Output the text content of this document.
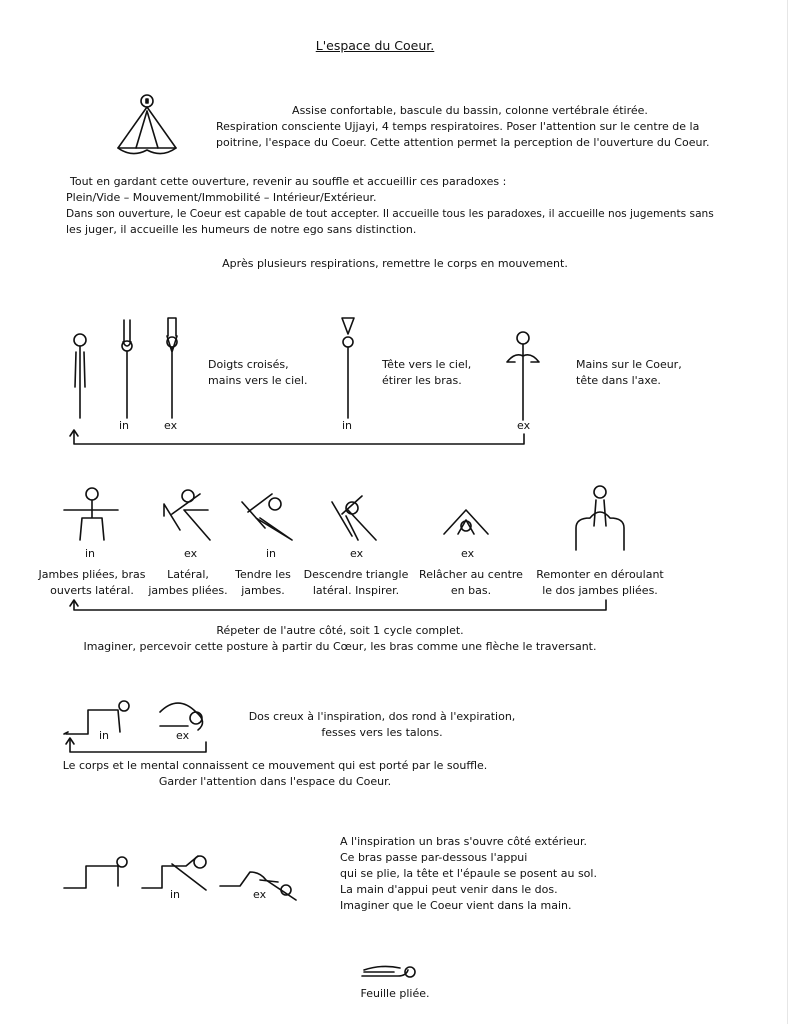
L'espace du Coeur.
Assise confortable, bascule du bassin, colonne vertébrale étirée.
Respiration consciente Ujjayi, 4 temps respiratoires. Poser l'attention sur le centre de la
poitrine, l'espace du Coeur. Cette attention permet la perception de l'ouverture du Coeur.
Tout en gardant cette ouverture, revenir au souffle et accueillir ces paradoxes :
Plein/Vide – Mouvement/Immobilité – Intérieur/Extérieur.
Dans son ouverture, le Coeur est capable de tout accepter. Il accueille tous les paradoxes, il accueille nos jugements sans
les juger, il accueille les humeurs de notre ego sans distinction.
Après plusieurs respirations, remettre le corps en mouvement.
in	ex	in	ex
Doigts croisés,
mains vers le ciel.
Tête vers le ciel,
étirer les bras.
Mains sur le Coeur,
tête dans l'axe.
in	ex	in	ex	ex
Jambes pliées, bras
ouverts latéral.
Latéral,
jambes pliées.
Tendre les
jambes.
Descendre triangle
latéral. Inspirer.
Relâcher au centre
en bas.
Remonter en déroulant
le dos jambes pliées.
Répeter de l'autre côté, soit 1 cycle complet.
Imaginer, percevoir cette posture à partir du Cœur, les bras comme une flèche le traversant.
in	ex
Dos creux à l'inspiration, dos rond à l'expiration,
fesses vers les talons.
Le corps et le mental connaissent ce mouvement qui est porté par le souffle.
Garder l'attention dans l'espace du Coeur.
in	ex
A l'inspiration un bras s'ouvre côté extérieur.
Ce bras passe par-dessous l'appui
qui se plie, la tête et l'épaule se posent au sol.
La main d'appui peut venir dans le dos.
Imaginer que le Coeur vient dans la main.
Feuille pliée.
